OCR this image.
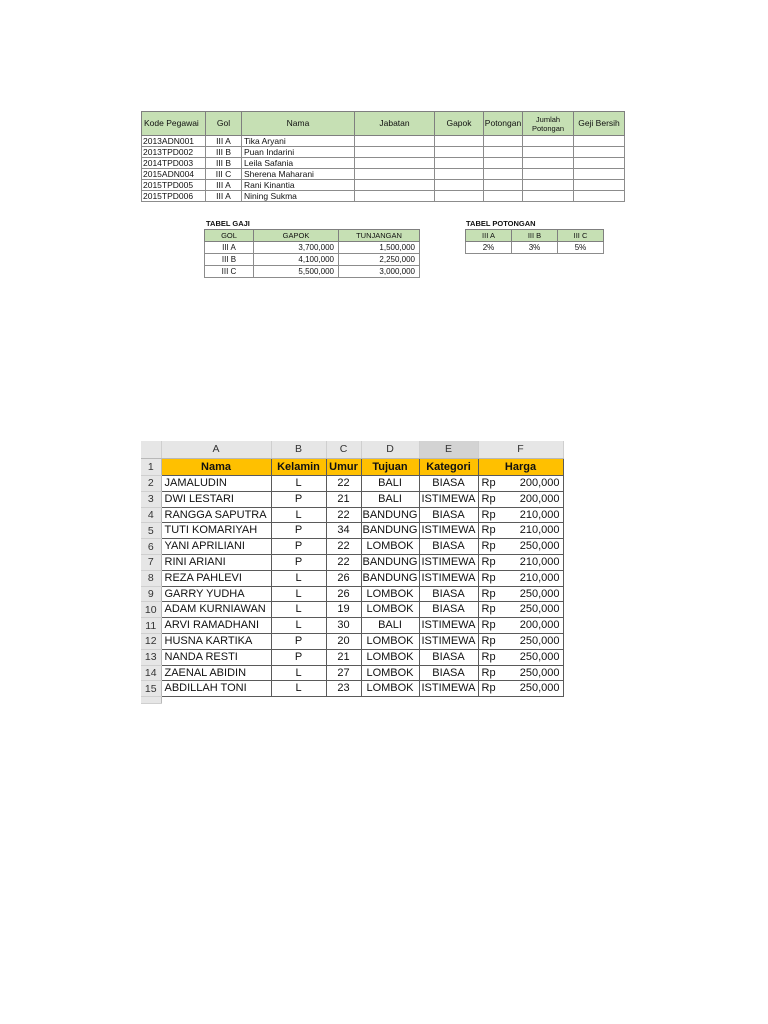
Kode Pegawai	Gol	Nama	Jabatan	Gapok	Potongan	Jumlah Potongan	Geji Bersih
2013ADN001	III A	Tika Aryani					
2013TPD002	III B	Puan Indarini					
2014TPD003	III B	Leila Safania					
2015ADN004	III C	Sherena Maharani					
2015TPD005	III A	Rani Kinantia					
2015TPD006	III A	Nining Sukma					
TABEL GAJI
GOL	GAPOK	TUNJANGAN
III A	3,700,000	1,500,000
III B	4,100,000	2,250,000
III C	5,500,000	3,000,000
TABEL POTONGAN
III A	III B	III C
2%	3%	5%
	A	B	C	D	E	F	
1	Nama	Kelamin	Umur	Tujuan	Kategori	Harga	
2	JAMALUDIN	L	22	BALI	BIASA	Rp	200,000
3	DWI LESTARI	P	21	BALI	ISTIMEWA	Rp	200,000
4	RANGGA SAPUTRA	L	22	BANDUNG	BIASA	Rp	210,000
5	TUTI KOMARIYAH	P	34	BANDUNG	ISTIMEWA	Rp	210,000
6	YANI APRILIANI	P	22	LOMBOK	BIASA	Rp	250,000
7	RINI ARIANI	P	22	BANDUNG	ISTIMEWA	Rp	210,000
8	REZA PAHLEVI	L	26	BANDUNG	ISTIMEWA	Rp	210,000
9	GARRY YUDHA	L	26	LOMBOK	BIASA	Rp	250,000
10	ADAM KURNIAWAN	L	19	LOMBOK	BIASA	Rp	250,000
11	ARVI RAMADHANI	L	30	BALI	ISTIMEWA	Rp	200,000
12	HUSNA KARTIKA	P	20	LOMBOK	ISTIMEWA	Rp	250,000
13	NANDA RESTI	P	21	LOMBOK	BIASA	Rp	250,000
14	ZAENAL ABIDIN	L	27	LOMBOK	BIASA	Rp	250,000
15	ABDILLAH TONI	L	23	LOMBOK	ISTIMEWA	Rp	250,000
